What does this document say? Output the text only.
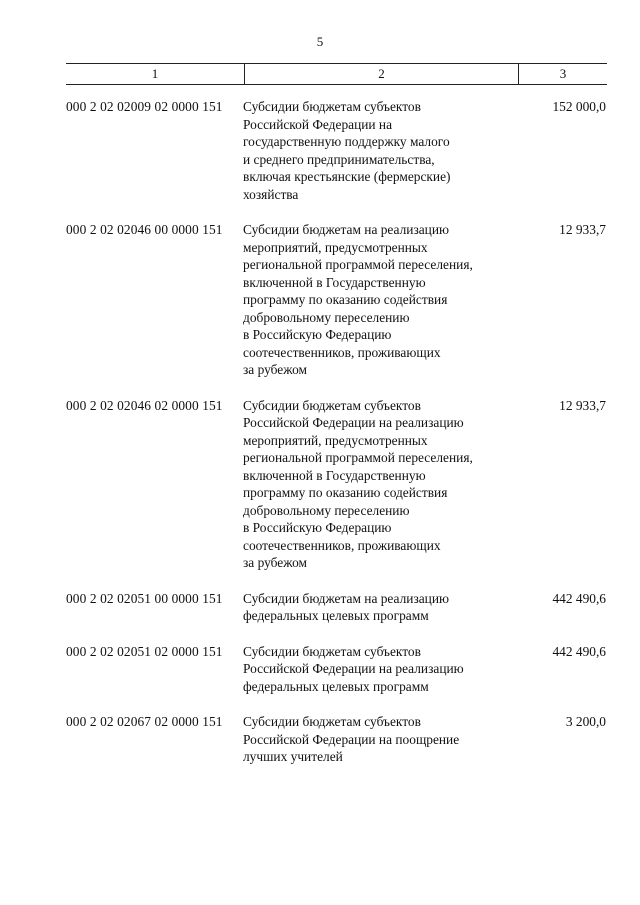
5
1	2	3
000 2 02 02009 02 0000 151 Субсидии бюджетам субъектов
Российской Федерации на
государственную поддержку малого
и среднего предпринимательства,
включая крестьянские (фермерские)
хозяйства
152 000,0
000 2 02 02046 00 0000 151 Субсидии бюджетам на реализацию
мероприятий, предусмотренных
региональной программой переселения,
включенной в Государственную
программу по оказанию содействия
добровольному переселению
в Российскую Федерацию
соотечественников, проживающих
за рубежом
12 933,7
000 2 02 02046 02 0000 151 Субсидии бюджетам субъектов
Российской Федерации на реализацию
мероприятий, предусмотренных
региональной программой переселения,
включенной в Государственную
программу по оказанию содействия
добровольному переселению
в Российскую Федерацию
соотечественников, проживающих
за рубежом
12 933,7
000 2 02 02051 00 0000 151 Субсидии бюджетам на реализацию
федеральных целевых программ
442 490,6
000 2 02 02051 02 0000 151 Субсидии бюджетам субъектов
Российской Федерации на реализацию
федеральных целевых программ
442 490,6
000 2 02 02067 02 0000 151 Субсидии бюджетам субъектов
Российской Федерации на поощрение
лучших учителей
3 200,0
